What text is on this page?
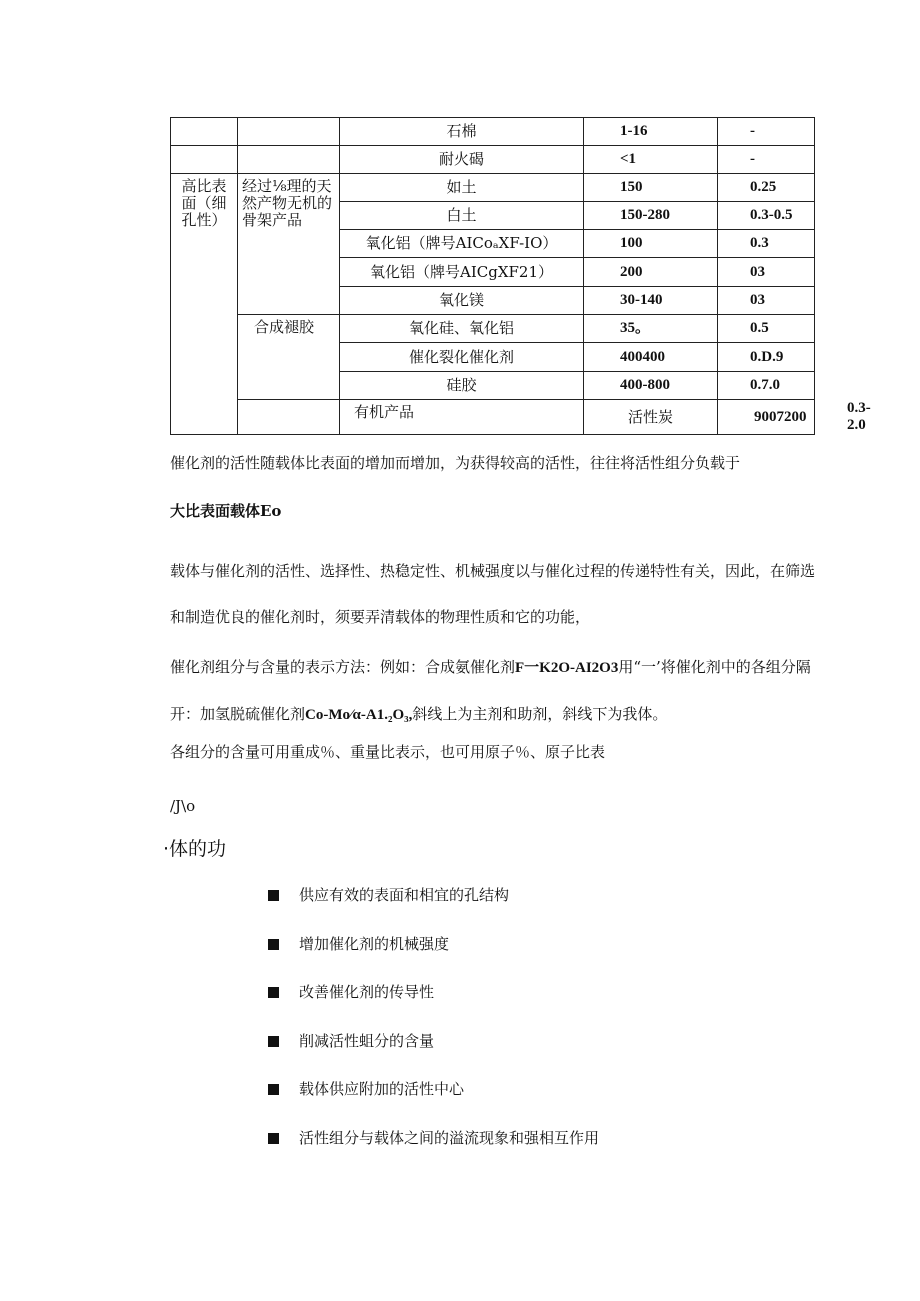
		石棉	1-16	-	
		耐火碣	<1	-	
高比表面（细孔性）	经过⅛理的天然产物无机的骨架产品	如土	150	0.25	
		白土	150-280	0.3-0.5	
		氧化铝（牌号AICoₐXF-IO）	100	0.3	
		氧化铝（牌号AICgXF21）	200	03	
		氧化镁	30-140	03	
	合成褪胶	氧化硅、氧化铝	35。	0.5	
		催化裂化催化剂	400400	0.D.9	
		硅胶	400-800	0.7.0	
		有机产品	活性炭	9007200	0.3-2.0

催化剂的活性随载体比表面的增加而增加，为获得较高的活性，往往将活性组分负载于

大比表面载体Eo

载体与催化剂的活性、选择性、热稳定性、机械强度以与催化过程的传递特性有关，因此，在筛选和制造优良的催化剂时，须要弄清载体的物理性质和它的功能，

催化剂组分与含量的表示方法：例如：合成氨催化剂F一K2O-AI2O3用“一’将催化剂中的各组分隔开：加氢脱硫催化剂Co-Mo⁄α-A1.₂O₃,斜线上为主剂和助剂，斜线下为我体。

各组分的含量可用重成％、重量比表示，也可用原子％、原子比表

/J\o

·体的功
供应有效的表面和相宜的孔结构
增加催化剂的机械强度
改善催化剂的传导性
削减活性蛆分的含量
载体供应附加的活性中心
活性组分与载体之间的溢流现象和强相互作用
